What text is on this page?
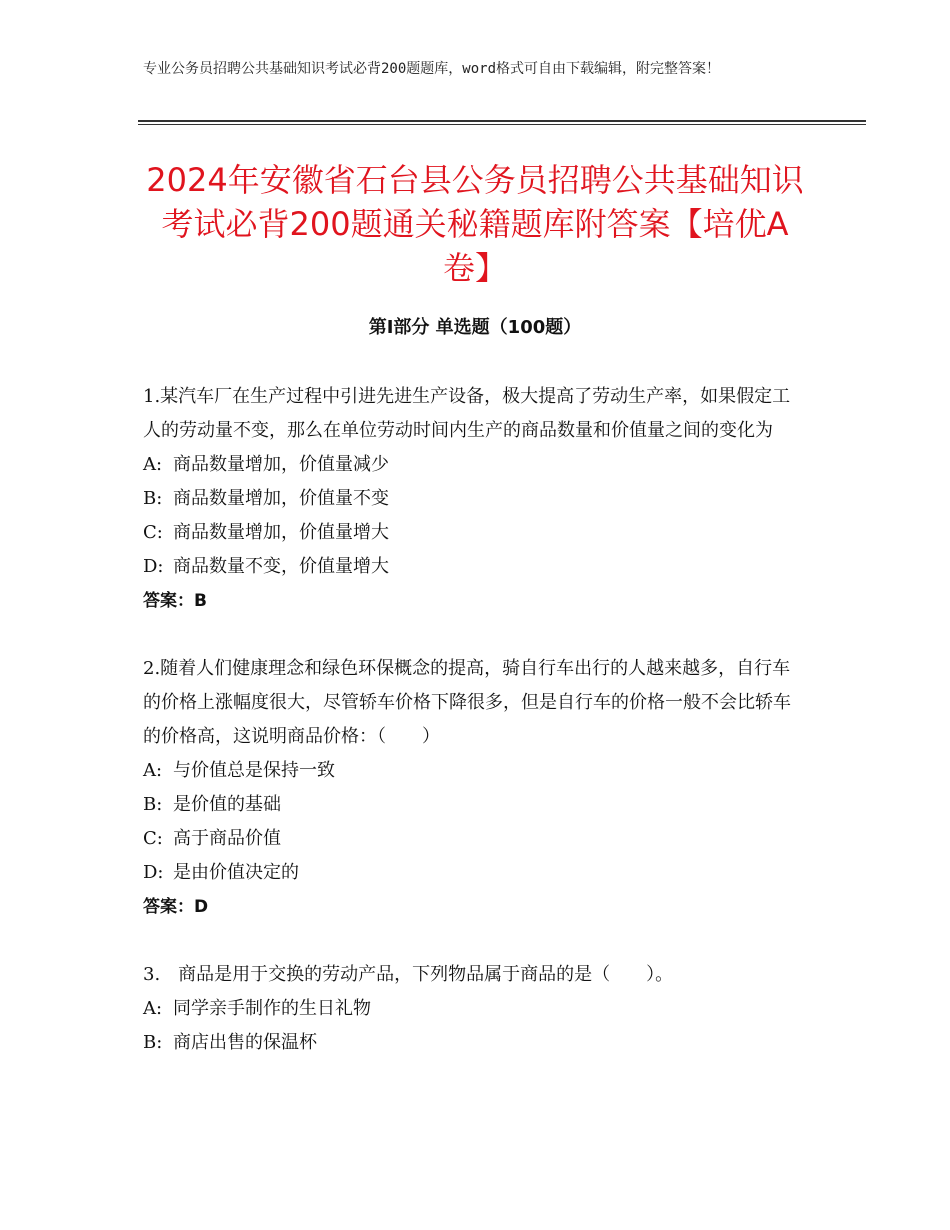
专业公务员招聘公共基础知识考试必背200题题库，word格式可自由下载编辑，附完整答案！
2024年安徽省石台县公务员招聘公共基础知识考试必背200题通关秘籍题库附答案【培优A卷】
第Ⅰ部分 单选题（100题）
1.某汽车厂在生产过程中引进先进生产设备，极大提高了劳动生产率，如果假定工人的劳动量不变，那么在单位劳动时间内生产的商品数量和价值量之间的变化为
A: 商品数量增加，价值量减少
B: 商品数量增加，价值量不变
C: 商品数量增加，价值量增大
D: 商品数量不变，价值量增大
答案：B
2.随着人们健康理念和绿色环保概念的提高，骑自行车出行的人越来越多，自行车的价格上涨幅度很大，尽管轿车价格下降很多，但是自行车的价格一般不会比轿车的价格高，这说明商品价格：（　　）
A: 与价值总是保持一致
B: 是价值的基础
C: 高于商品价值
D: 是由价值决定的
答案：D
3.　商品是用于交换的劳动产品，下列物品属于商品的是（　　）。
A: 同学亲手制作的生日礼物
B: 商店出售的保温杯
